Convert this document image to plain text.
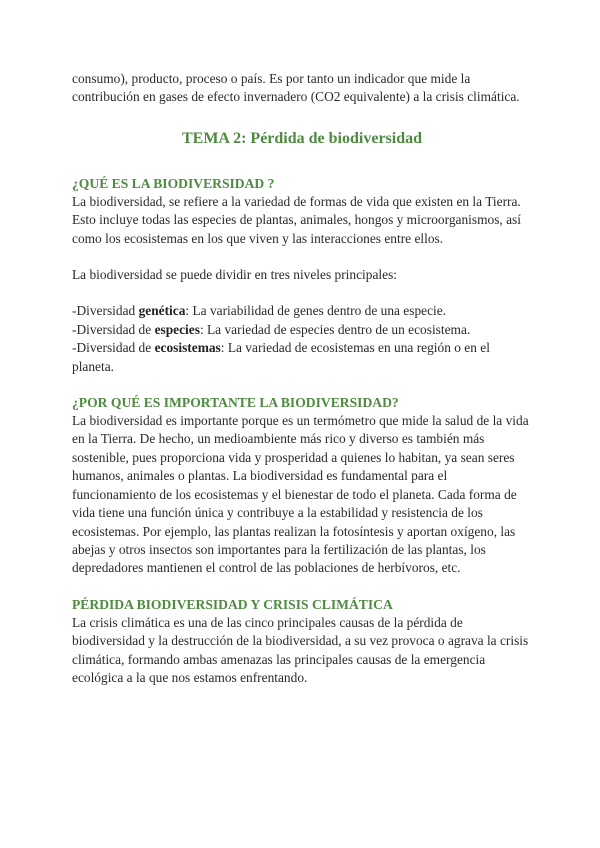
consumo), producto, proceso o país. Es por tanto un indicador que mide la contribución en gases de efecto invernadero (CO2 equivalente) a la crisis climática.

TEMA 2: Pérdida de biodiversidad
¿QUÉ ES LA BIODIVERSIDAD ?

La biodiversidad, se refiere a la variedad de formas de vida que existen en la Tierra. Esto incluye todas las especies de plantas, animales, hongos y microorganismos, así como los ecosistemas en los que viven y las interacciones entre ellos.

La biodiversidad se puede dividir en tres niveles principales:

-Diversidad genética: La variabilidad de genes dentro de una especie.

-Diversidad de especies: La variedad de especies dentro de un ecosistema.

-Diversidad de ecosistemas: La variedad de ecosistemas en una región o en el planeta.

¿POR QUÉ ES IMPORTANTE LA BIODIVERSIDAD?

La biodiversidad es importante porque es un termómetro que mide la salud de la vida en la Tierra. De hecho, un medioambiente más rico y diverso es también más sostenible, pues proporciona vida y prosperidad a quienes lo habitan, ya sean seres humanos, animales o plantas. La biodiversidad es fundamental para el funcionamiento de los ecosistemas y el bienestar de todo el planeta. Cada forma de vida tiene una función única y contribuye a la estabilidad y resistencia de los ecosistemas. Por ejemplo, las plantas realizan la fotosíntesis y aportan oxígeno, las abejas y otros insectos son importantes para la fertilización de las plantas, los depredadores mantienen el control de las poblaciones de herbívoros, etc.

PÉRDIDA BIODIVERSIDAD Y CRISIS CLIMÁTICA

La crisis climática es una de las cinco principales causas de la pérdida de biodiversidad y la destrucción de la biodiversidad, a su vez provoca o agrava la crisis climática, formando ambas amenazas las principales causas de la emergencia ecológica a la que nos estamos enfrentando.
